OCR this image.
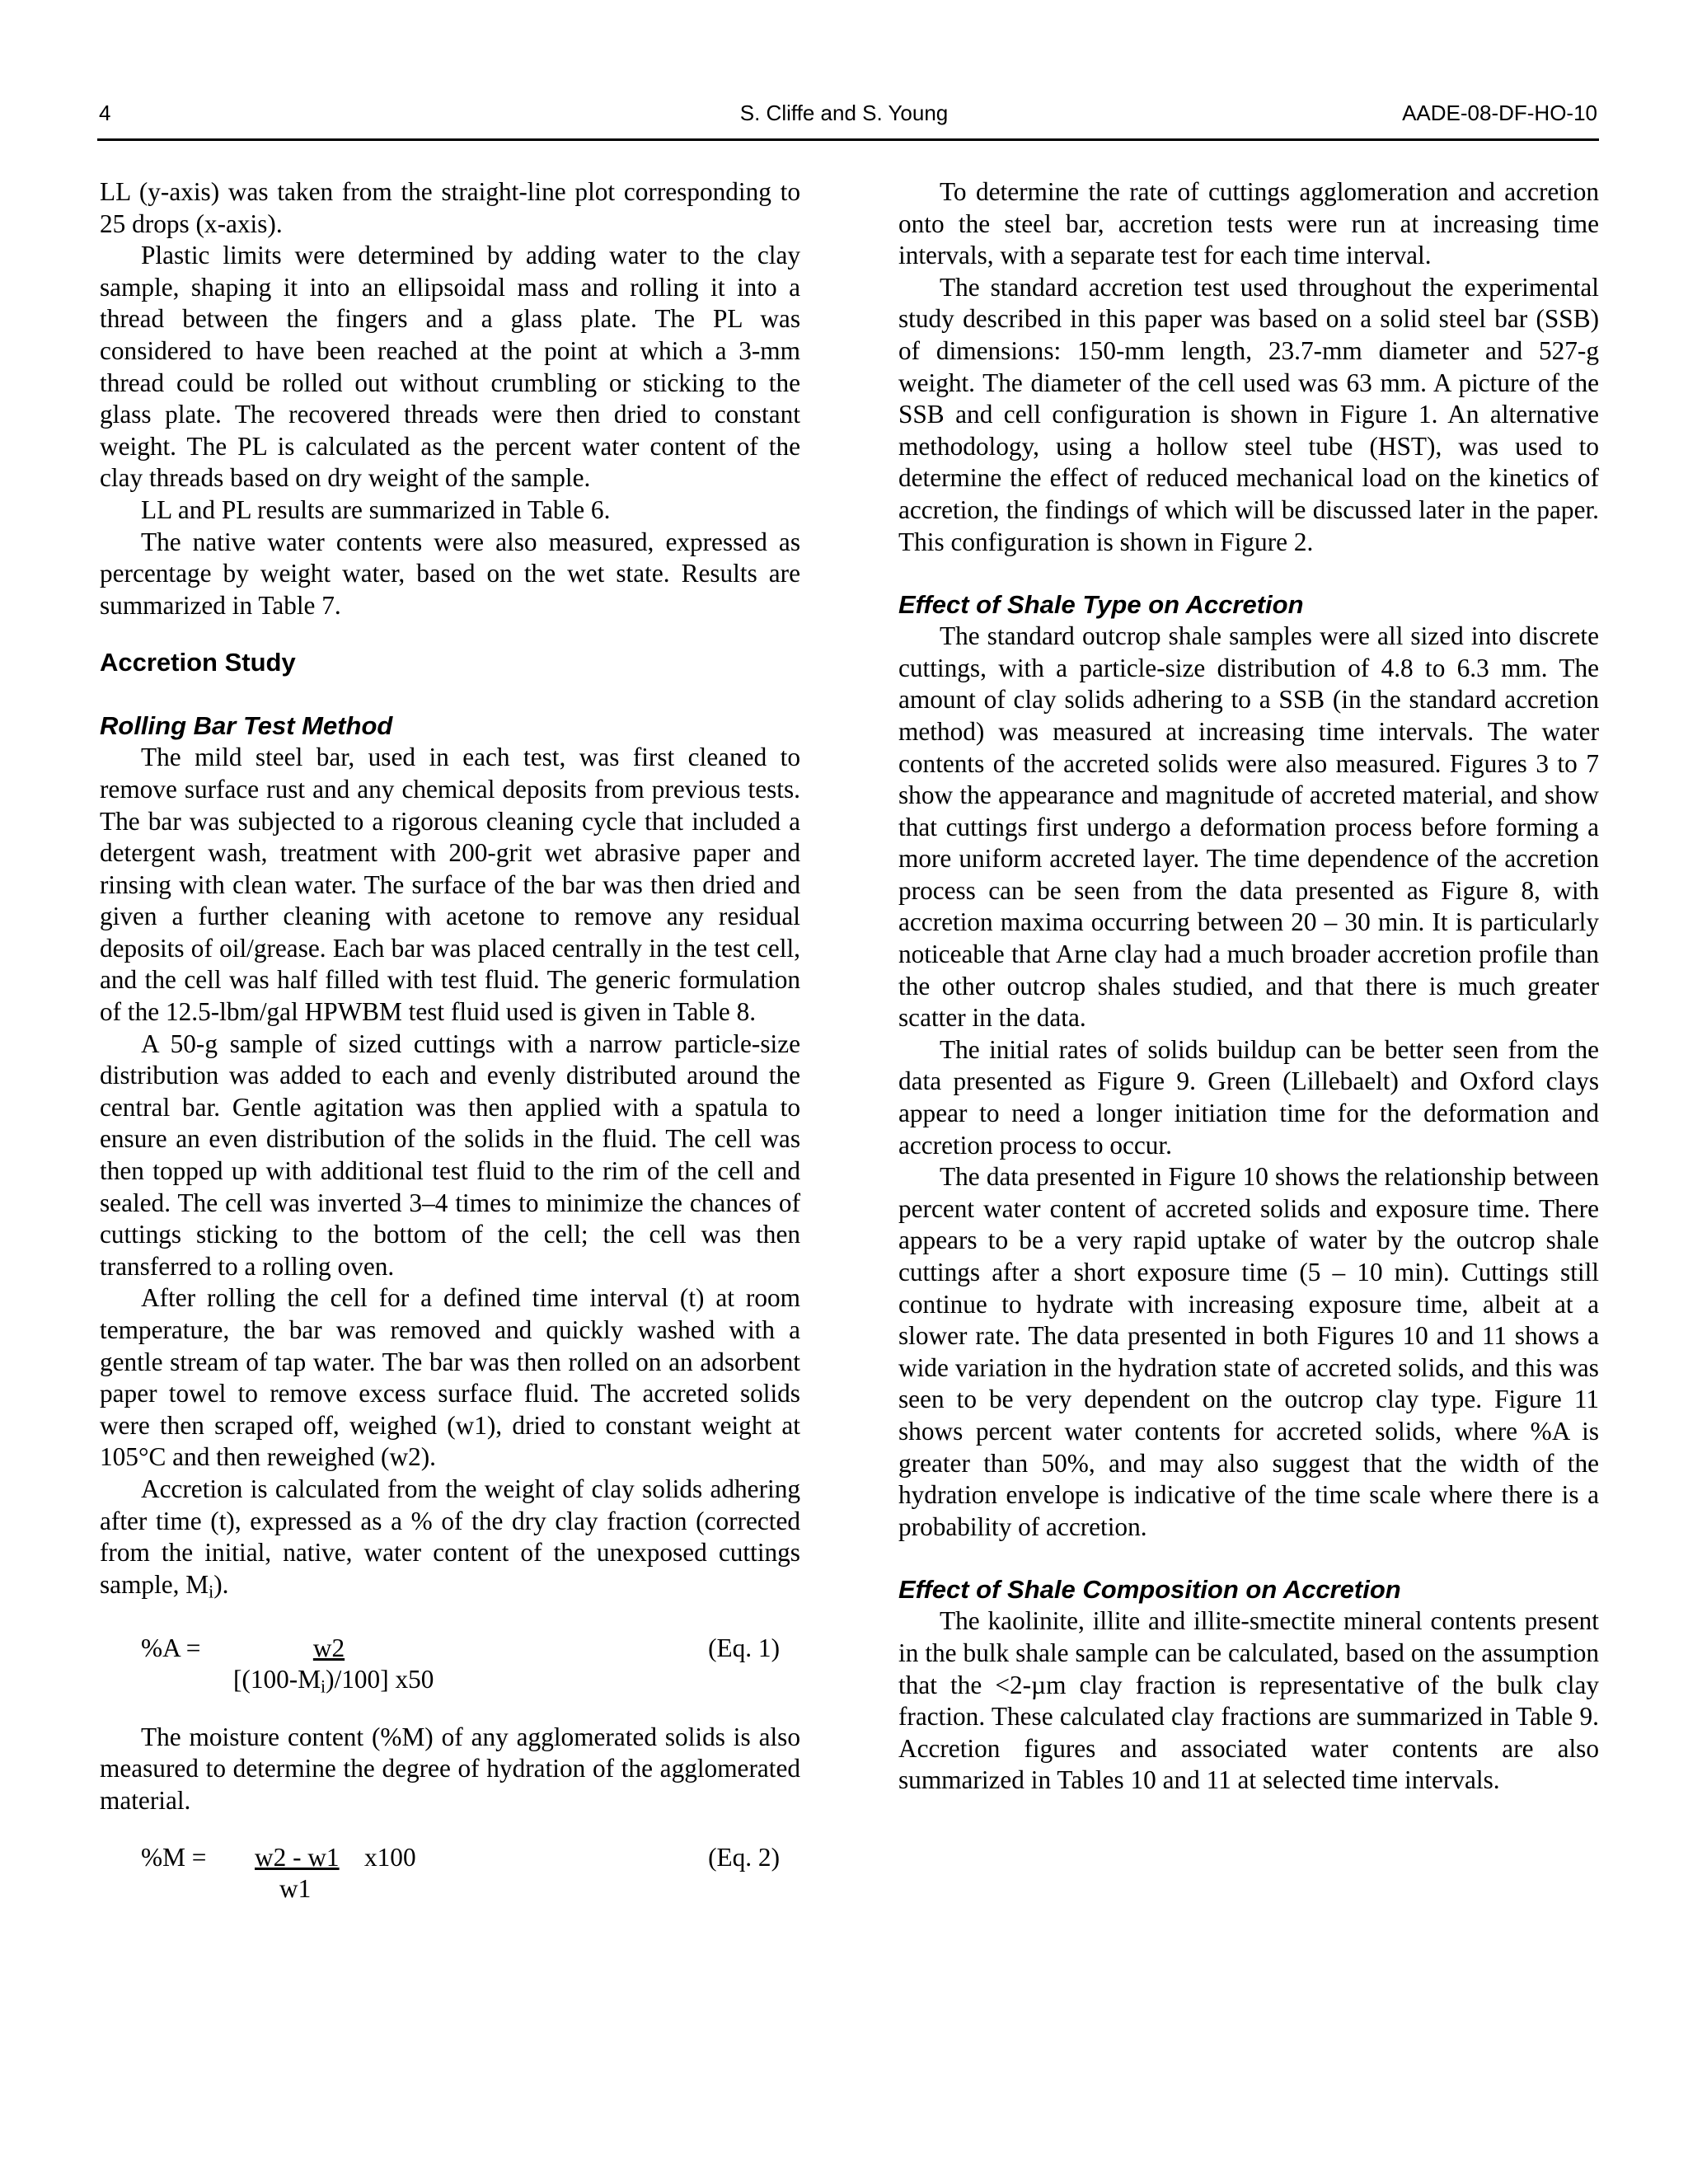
4	S. Cliffe and S. Young	AADE-08-DF-HO-10

LL (y-axis) was taken from the straight-line plot corresponding to 25 drops (x-axis).

Plastic limits were determined by adding water to the clay sample, shaping it into an ellipsoidal mass and rolling it into a thread between the fingers and a glass plate. The PL was considered to have been reached at the point at which a 3-mm thread could be rolled out without crumbling or sticking to the glass plate. The recovered threads were then dried to constant weight. The PL is calculated as the percent water content of the clay threads based on dry weight of the sample.

LL and PL results are summarized in Table 6.

The native water contents were also measured, expressed as percentage by weight water, based on the wet state. Results are summarized in Table 7.

Accretion Study
Rolling Bar Test Method

The mild steel bar, used in each test, was first cleaned to remove surface rust and any chemical deposits from previous tests. The bar was subjected to a rigorous cleaning cycle that included a detergent wash, treatment with 200-grit wet abrasive paper and rinsing with clean water. The surface of the bar was then dried and given a further cleaning with acetone to remove any residual deposits of oil/grease. Each bar was placed centrally in the test cell, and the cell was half filled with test fluid. The generic formulation of the 12.5-lbm/gal HPWBM test fluid used is given in Table 8.

A 50-g sample of sized cuttings with a narrow particle-size distribution was added to each and evenly distributed around the central bar. Gentle agitation was then applied with a spatula to ensure an even distribution of the solids in the fluid. The cell was then topped up with additional test fluid to the rim of the cell and sealed. The cell was inverted 3–4 times to minimize the chances of cuttings sticking to the bottom of the cell; the cell was then transferred to a rolling oven.

After rolling the cell for a defined time interval (t) at room temperature, the bar was removed and quickly washed with a gentle stream of tap water. The bar was then rolled on an adsorbent paper towel to remove excess surface fluid. The accreted solids were then scraped off, weighed (w1), dried to constant weight at 105°C and then reweighed (w2).

Accretion is calculated from the weight of clay solids adhering after time (t), expressed as a % of the dry clay fraction (corrected from the initial, native, water content of the unexposed cuttings sample, $M_i$).

%A =	w2
$[(100-M_i)/100]$ x50
(Eq. 1)

The moisture content (%M) of any agglomerated solids is also measured to determine the degree of hydration of the agglomerated material.

%M = w2 - w1 x100
w1
(Eq. 2)

To determine the rate of cuttings agglomeration and accretion onto the steel bar, accretion tests were run at increasing time intervals, with a separate test for each time interval.

The standard accretion test used throughout the experimental study described in this paper was based on a solid steel bar (SSB) of dimensions: 150-mm length, 23.7-mm diameter and 527-g weight. The diameter of the cell used was 63 mm. A picture of the SSB and cell configuration is shown in Figure 1. An alternative methodology, using a hollow steel tube (HST), was used to determine the effect of reduced mechanical load on the kinetics of accretion, the findings of which will be discussed later in the paper. This configuration is shown in Figure 2.

Effect of Shale Type on Accretion

The standard outcrop shale samples were all sized into discrete cuttings, with a particle-size distribution of 4.8 to 6.3 mm. The amount of clay solids adhering to a SSB (in the standard accretion method) was measured at increasing time intervals. The water contents of the accreted solids were also measured. Figures 3 to 7 show the appearance and magnitude of accreted material, and show that cuttings first undergo a deformation process before forming a more uniform accreted layer. The time dependence of the accretion process can be seen from the data presented as Figure 8, with accretion maxima occurring between 20 – 30 min. It is particularly noticeable that Arne clay had a much broader accretion profile than the other outcrop shales studied, and that there is much greater scatter in the data.

The initial rates of solids buildup can be better seen from the data presented as Figure 9. Green (Lillebaelt) and Oxford clays appear to need a longer initiation time for the deformation and accretion process to occur.

The data presented in Figure 10 shows the relationship between percent water content of accreted solids and exposure time. There appears to be a very rapid uptake of water by the outcrop shale cuttings after a short exposure time (5 – 10 min). Cuttings still continue to hydrate with increasing exposure time, albeit at a slower rate. The data presented in both Figures 10 and 11 shows a wide variation in the hydration state of accreted solids, and this was seen to be very dependent on the outcrop clay type. Figure 11 shows percent water contents for accreted solids, where %A is greater than 50%, and may also suggest that the width of the hydration envelope is indicative of the time scale where there is a probability of accretion.

Effect of Shale Composition on Accretion

The kaolinite, illite and illite-smectite mineral contents present in the bulk shale sample can be calculated, based on the assumption that the <2-µm clay fraction is representative of the bulk clay fraction. These calculated clay fractions are summarized in Table 9. Accretion figures and associated water contents are also summarized in Tables 10 and 11 at selected time intervals.
